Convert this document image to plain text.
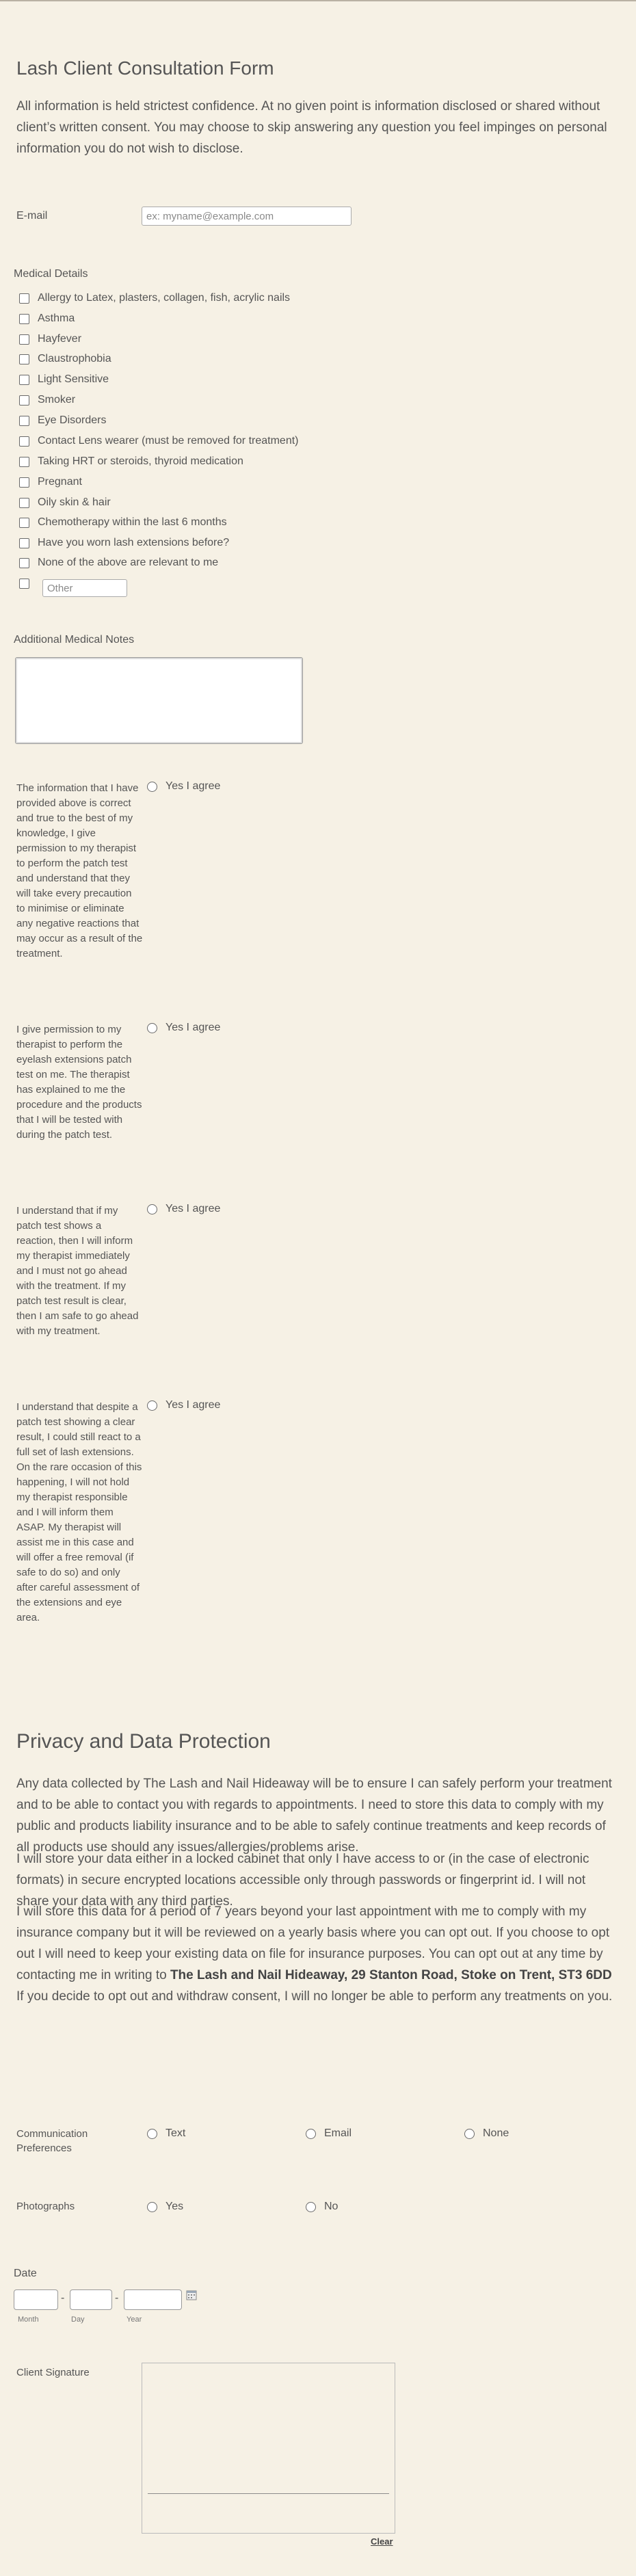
Lash Client Consultation Form

All information is held strictest confidence. At no given point is information disclosed or shared without client’s written consent. You may choose to skip answering any question you feel impinges on personal information you do not wish to disclose.

E-mail
ex: myname@example.com
Medical Details
Allergy to Latex, plasters, collagen, fish, acrylic nails
Asthma
Hayfever
Claustrophobia
Light Sensitive
Smoker
Eye Disorders
Contact Lens wearer (must be removed for treatment)
Taking HRT or steroids, thyroid medication
Pregnant
Oily skin & hair
Chemotherapy within the last 6 months
Have you worn lash extensions before?
None of the above are relevant to me
Other
Additional Medical Notes
The information that I have provided above is correct and true to the best of my knowledge, I give permission to my therapist to perform the patch test and understand that they will take every precaution to minimise or eliminate any negative reactions that may occur as a result of the treatment.
Yes I agree
I give permission to my therapist to perform the eyelash extensions patch test on me. The therapist has explained to me the procedure and the products that I will be tested with during the patch test.
Yes I agree
I understand that if my patch test shows a reaction, then I will inform my therapist immediately and I must not go ahead with the treatment. If my patch test result is clear, then I am safe to go ahead with my treatment.
Yes I agree
I understand that despite a patch test showing a clear result, I could still react to a full set of lash extensions. On the rare occasion of this happening, I will not hold my therapist responsible and I will inform them ASAP. My therapist will assist me in this case and will offer a free removal (if safe to do so) and only after careful assessment of the extensions and eye area.
Yes I agree
Privacy and Data Protection

Any data collected by The Lash and Nail Hideaway will be to ensure I can safely perform your treatment and to be able to contact you with regards to appointments. I need to store this data to comply with my public and products liability insurance and to be able to safely continue treatments and keep records of all products use should any issues/allergies/problems arise.

I will store your data either in a locked cabinet that only I have access to or (in the case of electronic formats) in secure encrypted locations accessible only through passwords or fingerprint id. I will not share your data with any third parties.

I will store this data for a period of 7 years beyond your last appointment with me to comply with my insurance company but it will be reviewed on a yearly basis where you can opt out. If you choose to opt out I will need to keep your existing data on file for insurance purposes. You can opt out at any time by contacting me in writing to The Lash and Nail Hideaway, 29 Stanton Road, Stoke on Trent, ST3 6DD If you decide to opt out and withdraw consent, I will no longer be able to perform any treatments on you.

Communication
Preferences
Text	Email	None
Photographs	Yes	No
Date
-	-
Month	Day	Year
Client Signature
Clear
